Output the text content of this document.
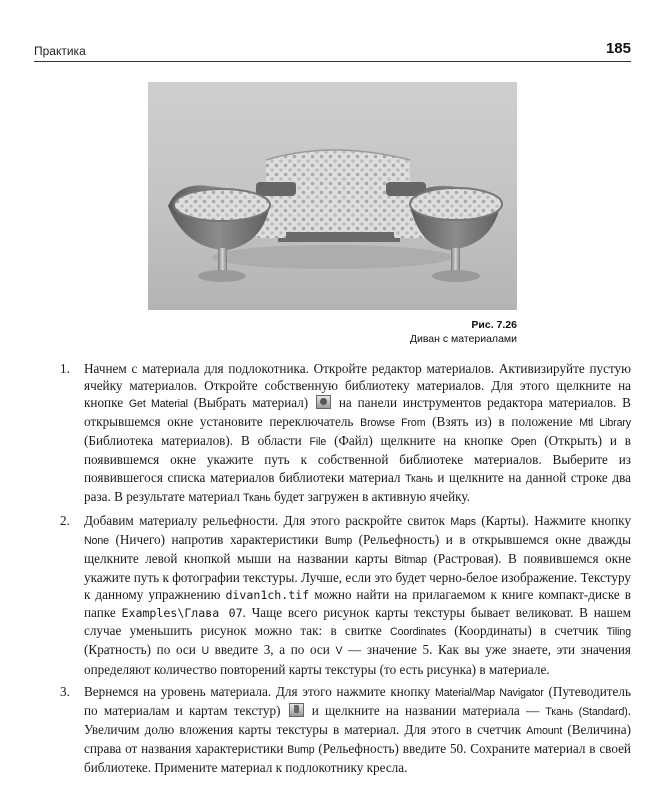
Практика	185
Рис. 7.26
Диван с материалами
1. Начнем с материала для подлокотника. Откройте редактор материалов. Активизируйте пустую ячейку материалов. Откройте собственную библиотеку материалов. Для этого щелкните на кнопке Get Material (Выбрать материал)  на панели инструментов редактора материалов. В открывшемся окне установите переключатель Browse From (Взять из) в положение Mtl Library (Библиотека материалов). В области File (Файл) щелкните на кнопке Open (Открыть) и в появившемся окне укажите путь к собственной библиотеке материалов. Выберите из появившегося списка материалов библиотеки материал Ткань и щелкните на данной строке два раза. В результате материал Ткань будет загружен в активную ячейку.
2. Добавим материалу рельефности. Для этого раскройте свиток Maps (Карты). Нажмите кнопку None (Ничего) напротив характеристики Bump (Рельефность) и в открывшемся окне дважды щелкните левой кнопкой мыши на названии карты Bitmap (Растровая). В появившемся окне укажите путь к фотографии текстуры. Лучше, если это будет черно-белое изображение. Текстуру к данному упражнению divan1ch.tif можно найти на прилагаемом к книге компакт-диске в папке Examples\Глава 07. Чаще всего рисунок карты текстуры бывает великоват. В нашем случае уменьшить рисунок можно так: в свитке Coordinates (Координаты) в счетчик Tiling (Кратность) по оси U введите 3, а по оси V — значение 5. Как вы уже знаете, эти значения определяют количество повторений карты текстуры (то есть рисунка) в материале.
3. Вернемся на уровень материала. Для этого нажмите кнопку Material/Map Navigator (Путеводитель по материалам и картам текстур)  и щелкните на названии материала — Ткань (Standard). Увеличим долю вложения карты текстуры в материал. Для этого в счетчик Amount (Величина) справа от названия характеристики Bump (Рельефность) введите 50. Сохраните материал в своей библиотеке. Примените материал к подлокотнику кресла.
